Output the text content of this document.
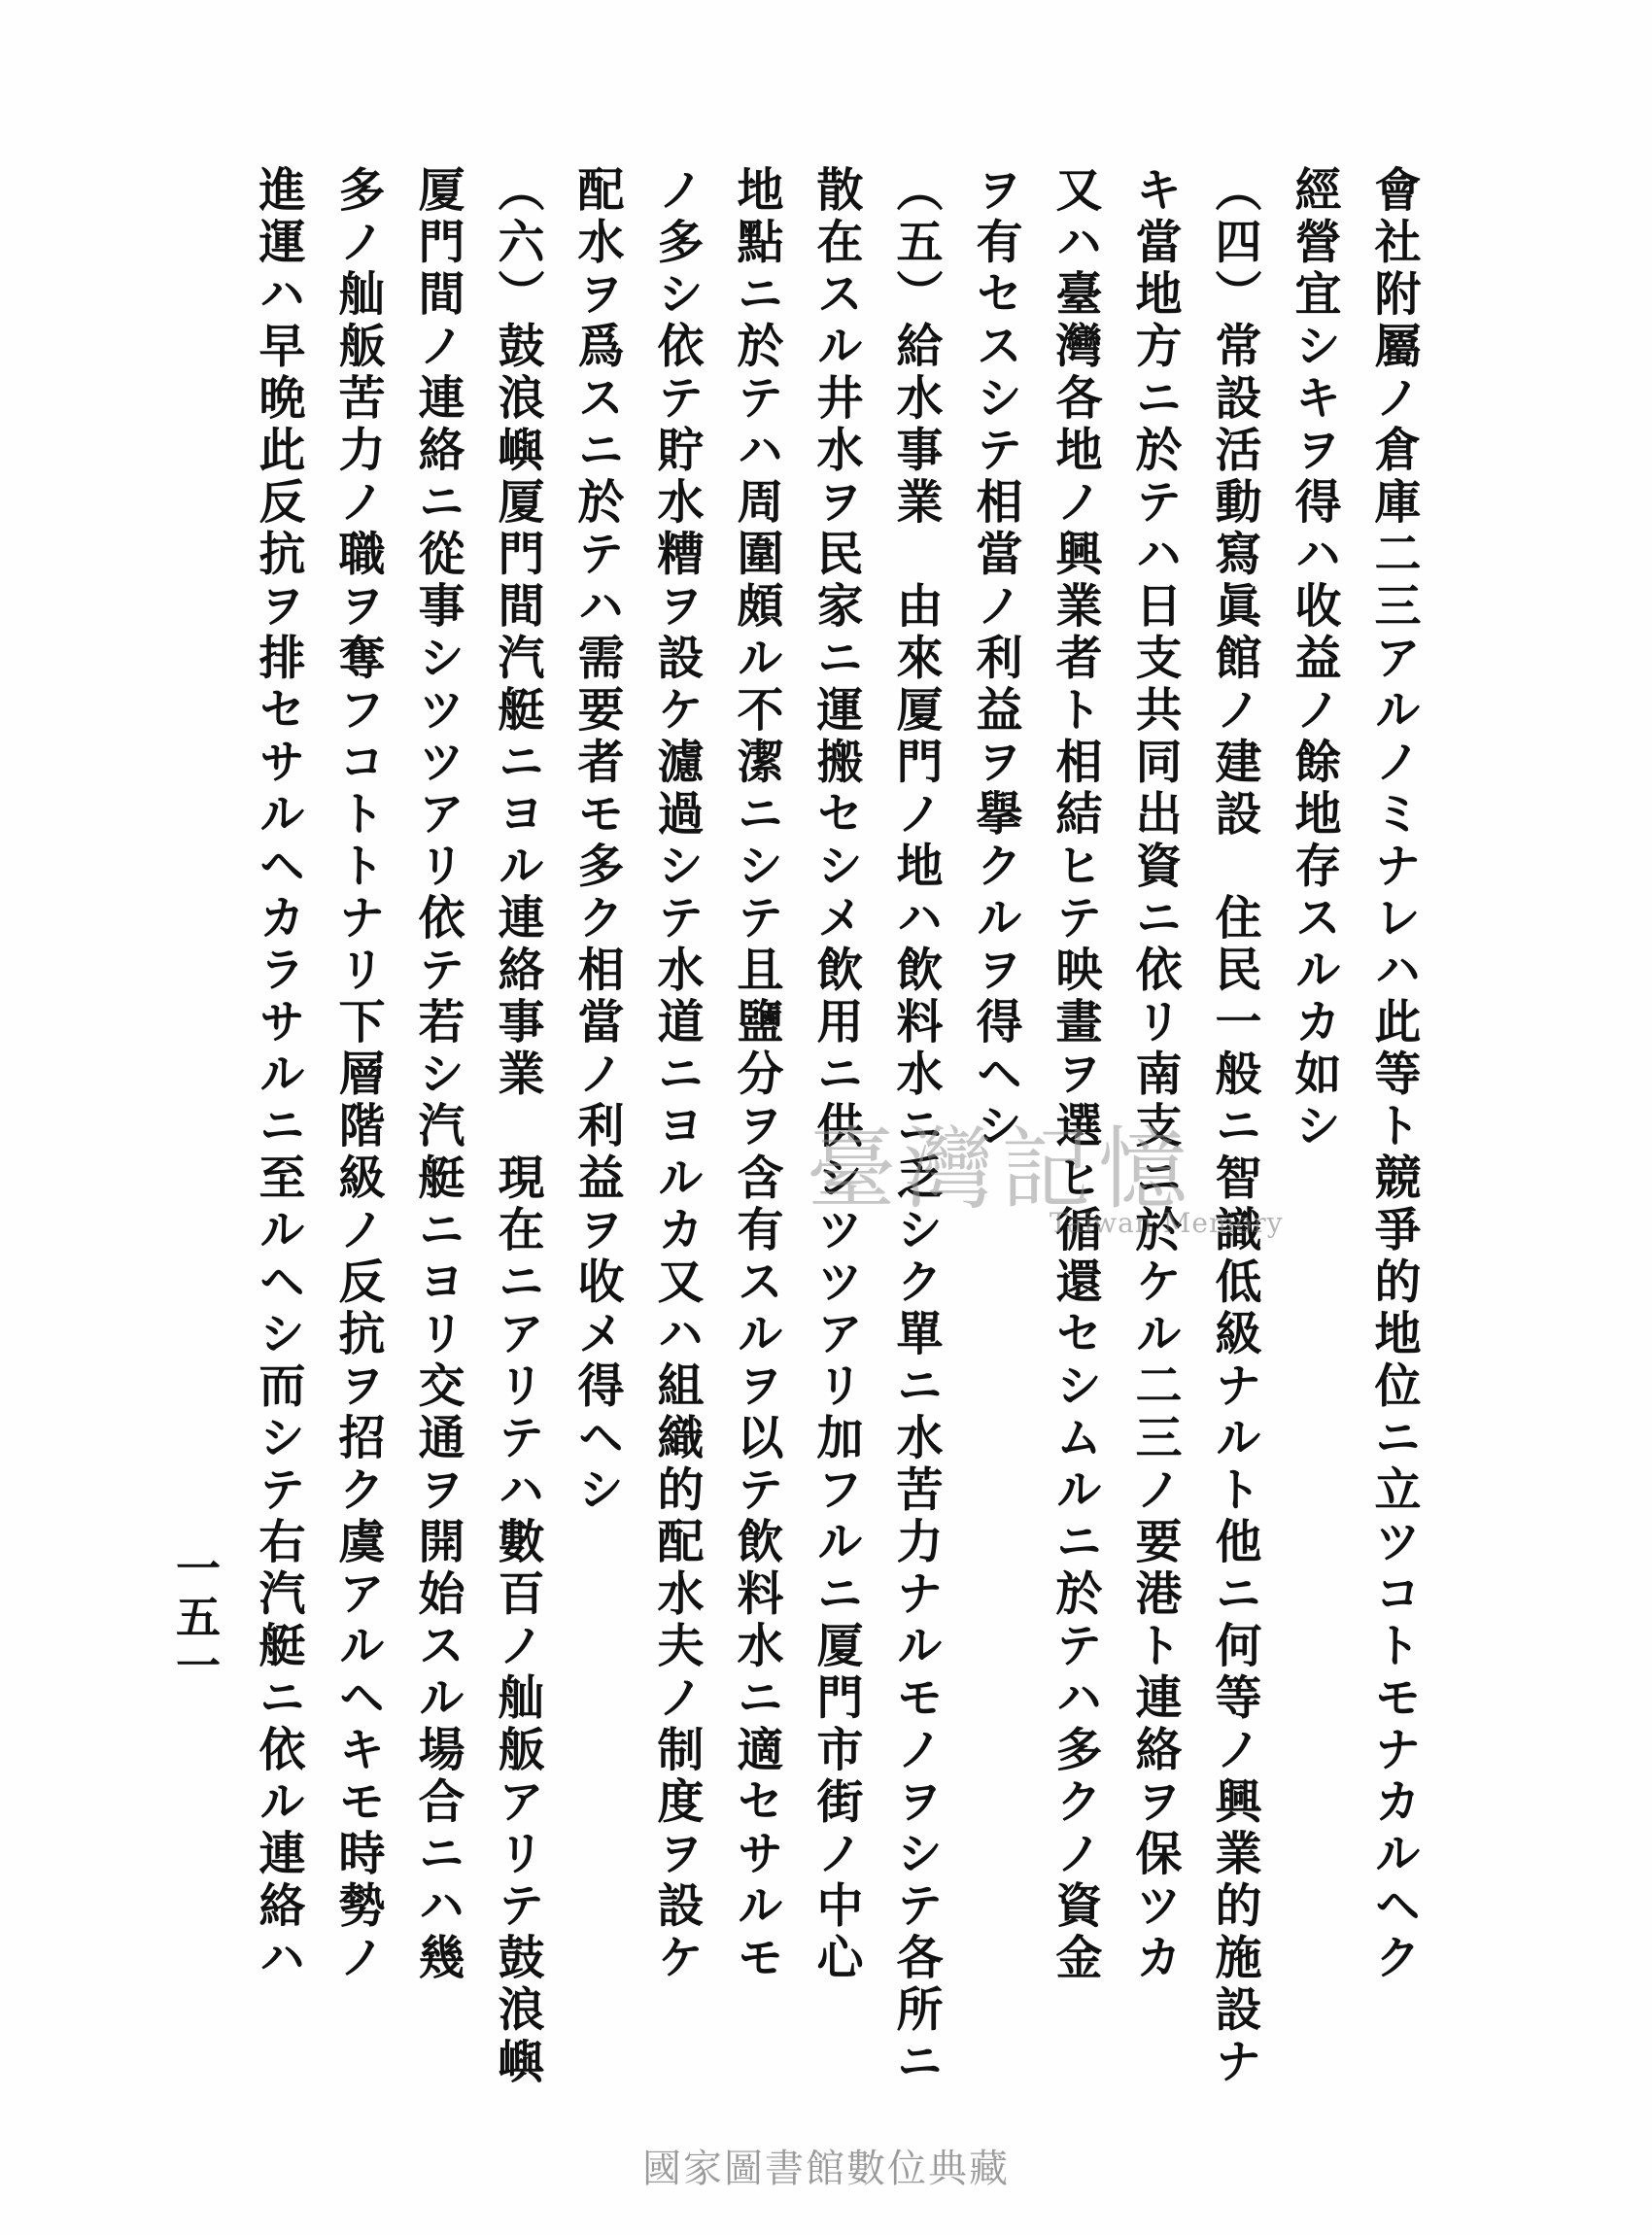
會社附屬ノ倉庫二三アルノミナレハ此等ト競爭的地位ニ立ツコトモナカルヘク
經營宜シキヲ得ハ收益ノ餘地存スルカ如シ
（四）常設活動寫眞館ノ建設　住民一般ニ智識低級ナルト他ニ何等ノ興業的施設ナ
キ當地方ニ於テハ日支共同出資ニ依リ南支ニ於ケル二三ノ要港ト連絡ヲ保ツカ
又ハ臺灣各地ノ興業者ト相結ヒテ映畫ヲ選ヒ循還セシムルニ於テハ多クノ資金
ヲ有セスシテ相當ノ利益ヲ擧クルヲ得ヘシ
（五）給水事業　由來厦門ノ地ハ飲料水ニ乏シク單ニ水苦力ナルモノヲシテ各所ニ
散在スル井水ヲ民家ニ運搬セシメ飲用ニ供シツツアリ加フルニ厦門市街ノ中心
地點ニ於テハ周圍頗ル不潔ニシテ且鹽分ヲ含有スルヲ以テ飲料水ニ適セサルモ
ノ多シ依テ貯水糟ヲ設ケ濾過シテ水道ニヨルカ又ハ組織的配水夫ノ制度ヲ設ケ
配水ヲ爲スニ於テハ需要者モ多ク相當ノ利益ヲ收メ得ヘシ
（六）鼓浪嶼厦門間汽艇ニヨル連絡事業　現在ニアリテハ數百ノ舢舨アリテ鼓浪嶼
厦門間ノ連絡ニ從事シツツアリ依テ若シ汽艇ニヨリ交通ヲ開始スル場合ニハ幾
多ノ舢舨苦力ノ職ヲ奪フコトトナリ下層階級ノ反抗ヲ招ク虞アルヘキモ時勢ノ
進運ハ早晩此反抗ヲ排セサルヘカラサルニ至ルヘシ而シテ右汽艇ニ依ル連絡ハ
一五一
臺灣記憶
Taiwan Memory
國家圖書館數位典藏
